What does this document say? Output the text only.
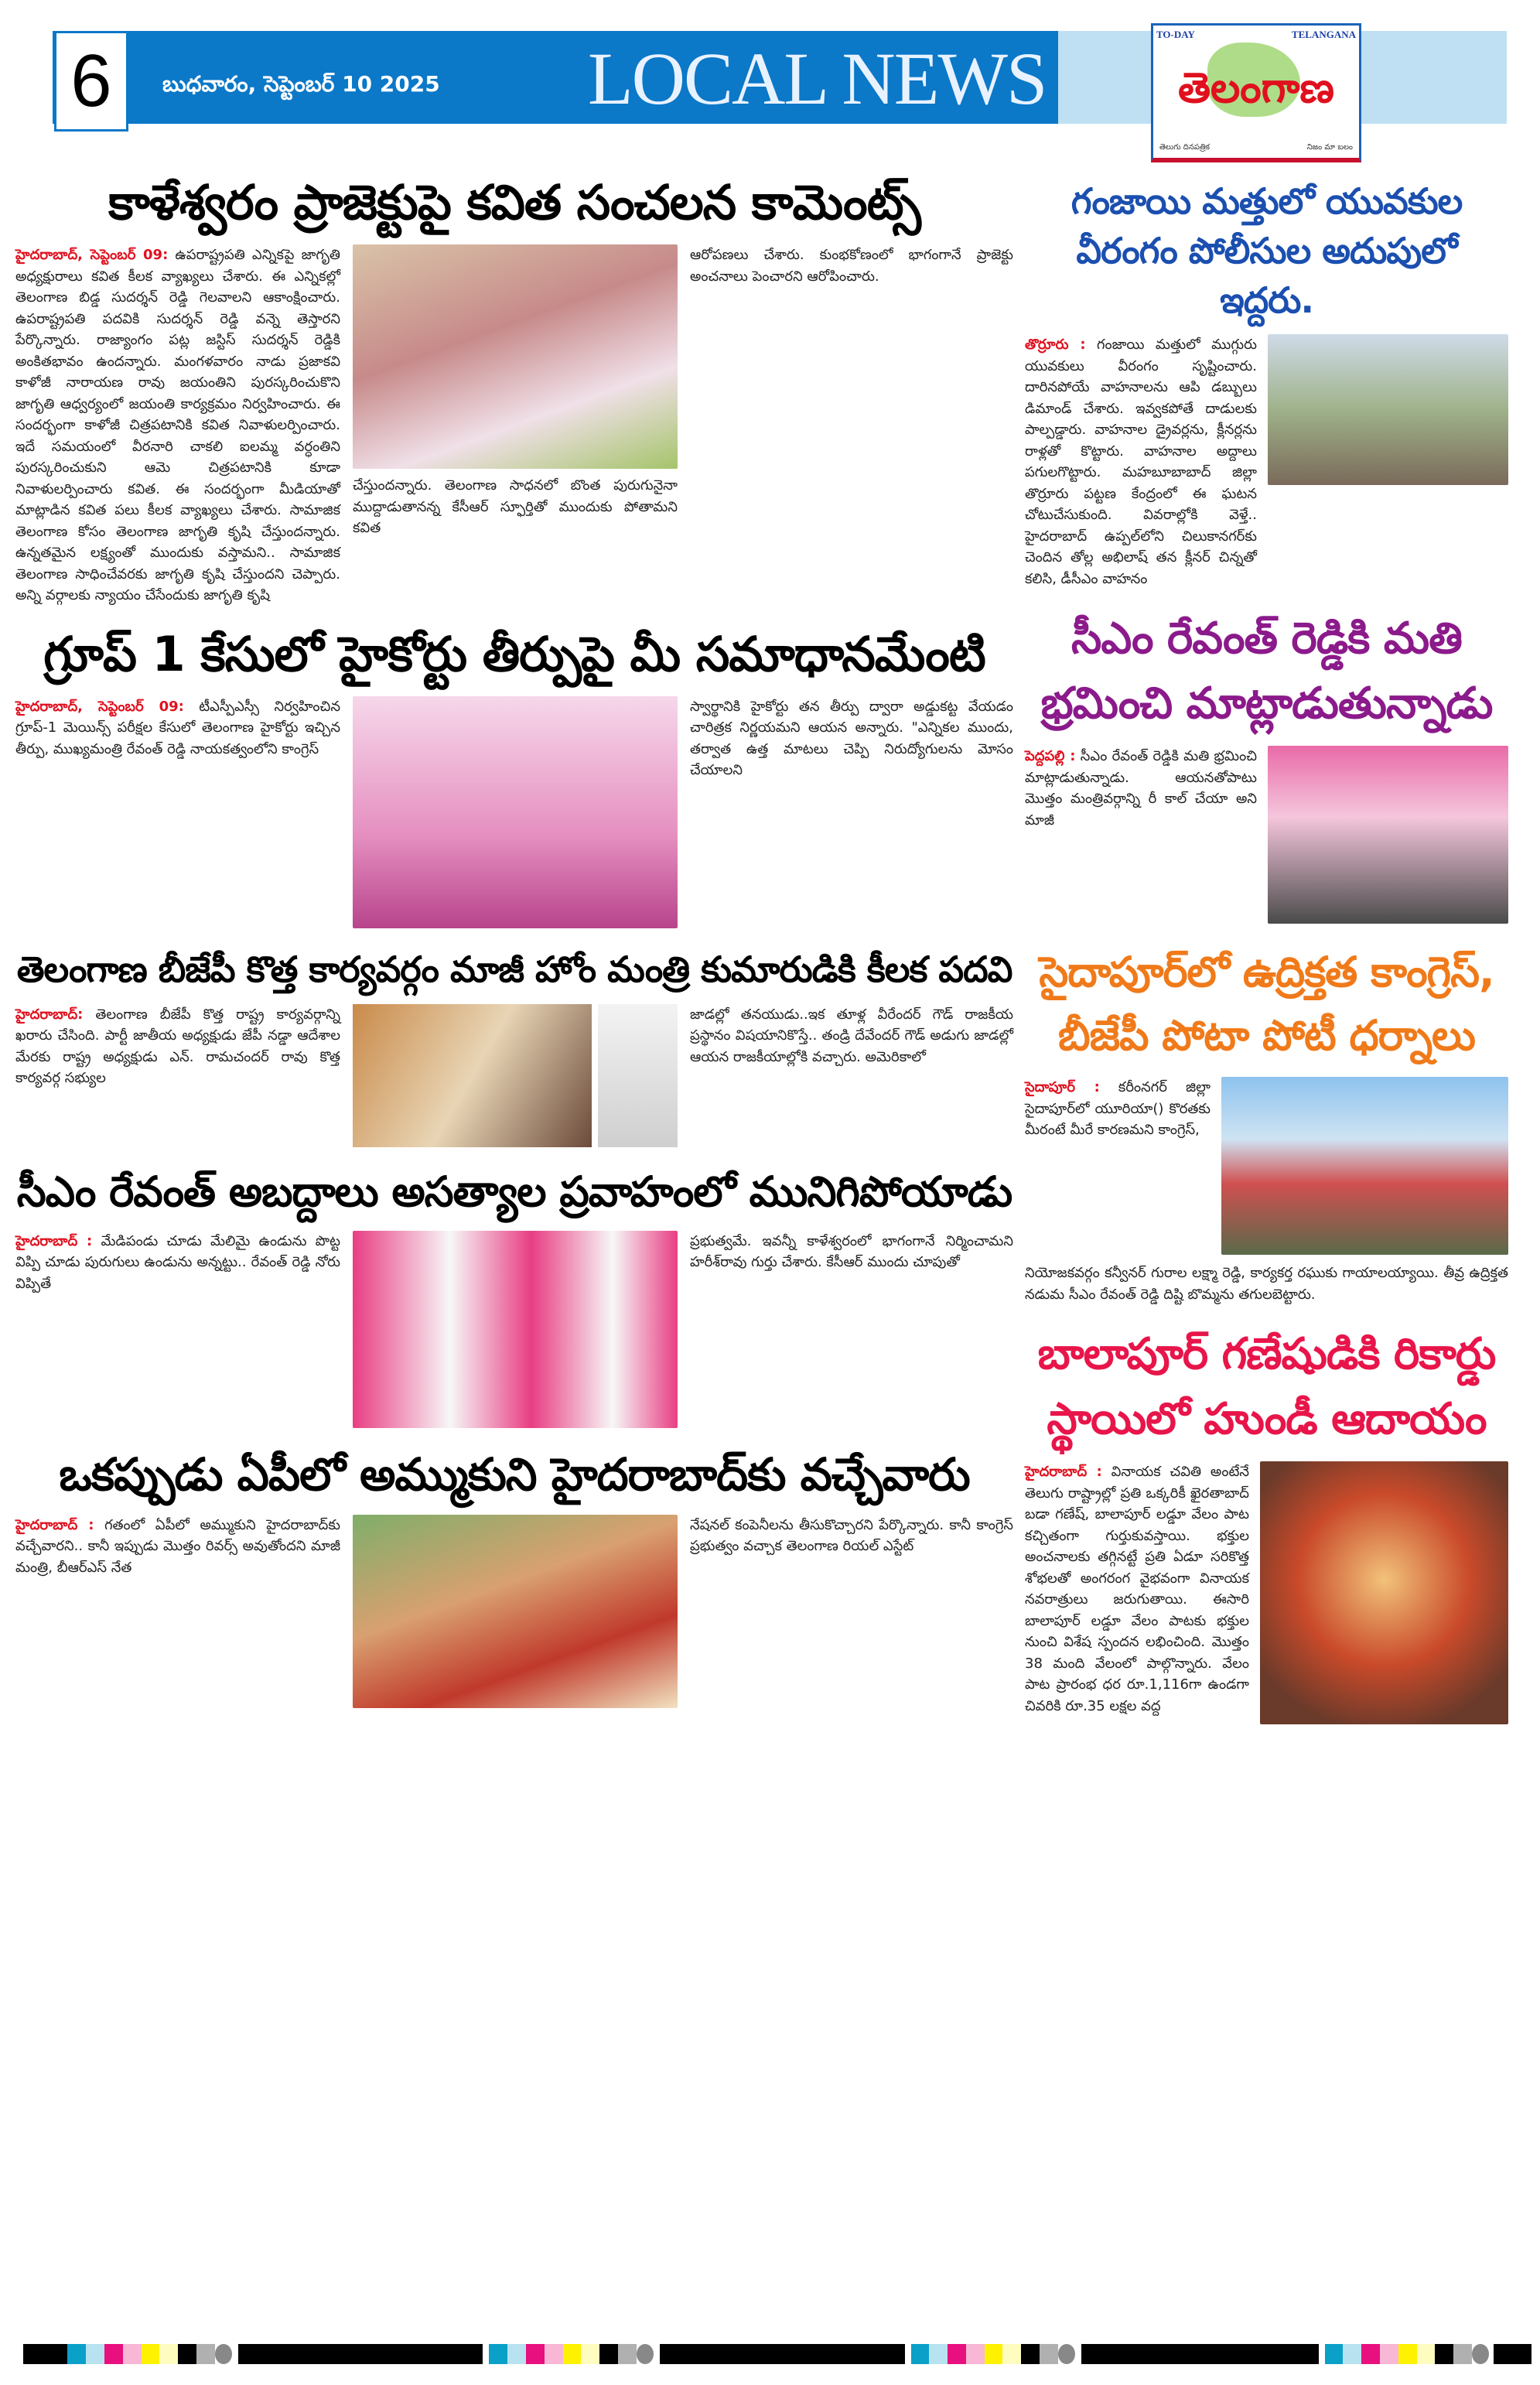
6	బుధవారం, సెప్టెంబర్ 10 2025 LOCAL NEWS
TO-DAY	TELANGANA
తెలంగాణ
తెలుగు దినపత్రిక	నిజం మా బలం
కాళేశ్వరం ప్రాజెక్టుపై కవిత సంచలన కామెంట్స్
హైదరాబాద్, సెప్టెంబర్ 09: ఉపరాష్ట్రపతి ఎన్నికపై జాగృతి అధ్యక్షురాలు కవిత కీలక వ్యాఖ్యలు చేశారు. ఈ ఎన్నికల్లో తెలంగాణ బిడ్డ సుదర్శన్ రెడ్డి గెలవాలని ఆకాంక్షించారు. ఉపరాష్ట్రపతి పదవికి సుదర్శన్ రెడ్డి వన్నె తెస్తారని పేర్కొన్నారు. రాజ్యాంగం పట్ల జస్టిస్ సుదర్శన్ రెడ్డికి అంకితభావం ఉందన్నారు. మంగళవారం నాడు ప్రజాకవి కాళోజీ నారాయణ రావు జయంతిని పురస్కరించుకొని జాగృతి ఆధ్వర్యంలో జయంతి కార్యక్రమం నిర్వహించారు. ఈ సందర్భంగా కాళోజీ చిత్రపటానికి కవిత నివాళులర్పించారు. ఇదే సమయంలో వీరనారి చాకలి ఐలమ్మ వర్ధంతిని పురస్కరించుకుని ఆమె చిత్రపటానికి కూడా నివాళులర్పించారు కవిత. ఈ సందర్భంగా మీడియాతో మాట్లాడిన కవిత పలు కీలక వ్యాఖ్యలు చేశారు. సామాజిక తెలంగాణ కోసం తెలంగాణ జాగృతి కృషి చేస్తుందన్నారు. ఉన్నతమైన లక్ష్యంతో ముందుకు వస్తామని.. సామాజిక తెలంగాణ సాధించేవరకు జాగృతి కృషి చేస్తుందని చెప్పారు. అన్ని వర్గాలకు న్యాయం చేసేందుకు జాగృతి కృషి
చేస్తుందన్నారు. తెలంగాణ సాధనలో బొంత పురుగునైనా ముద్దాడుతానన్న కేసీఆర్ స్ఫూర్తితో ముందుకు పోతామని కవిత
ఆరోపణలు చేశారు. కుంభకోణంలో భాగంగానే ప్రాజెక్టు అంచనాలు పెంచారని ఆరోపించారు.
గ్రూప్ 1 కేసులో హైకోర్టు తీర్పుపై మీ సమాధానమేంటి
హైదరాబాద్, సెప్టెంబర్ 09: టీఎస్పీఎస్సీ నిర్వహించిన గ్రూప్-1 మెయిన్స్ పరీక్షల కేసులో తెలంగాణ హైకోర్టు ఇచ్చిన తీర్పు, ముఖ్యమంత్రి రేవంత్ రెడ్డి నాయకత్వంలోని కాంగ్రెస్
స్వార్థానికి హైకోర్టు తన తీర్పు ద్వారా అడ్డుకట్ట వేయడం చారిత్రక నిర్ణయమని ఆయన అన్నారు. "ఎన్నికల ముందు, తర్వాత ఉత్త మాటలు చెప్పి నిరుద్యోగులను మోసం చేయాలని
తెలంగాణ బీజేపీ కొత్త కార్యవర్గం మాజీ హోం మంత్రి కుమారుడికి కీలక పదవి
హైదరాబాద్: తెలంగాణ బీజేపీ కొత్త రాష్ట్ర కార్యవర్గాన్ని ఖరారు చేసింది. పార్టీ జాతీయ అధ్యక్షుడు జేపీ నడ్డా ఆదేశాల మేరకు రాష్ట్ర అధ్యక్షుడు ఎన్. రామచందర్ రావు కొత్త కార్యవర్గ సభ్యుల
జాడల్లో తనయుడు..ఇక తూళ్ల వీరేందర్ గౌడ్ రాజకీయ ప్రస్థానం విషయానికొస్తే.. తండ్రి దేవేందర్ గౌడ్ అడుగు జాడల్లో ఆయన రాజకీయాల్లోకి వచ్చారు. అమెరికాలో
సీఎం రేవంత్ అబద్దాలు అసత్యాల ప్రవాహంలో మునిగిపోయాడు
హైదరాబాద్ : మేడిపండు చూడు మేలిమై ఉండును పొట్ట విప్పి చూడు పురుగులు ఉండును అన్నట్టు.. రేవంత్ రెడ్డి నోరు విప్పితే
ప్రభుత్వమే. ఇవన్నీ కాళేశ్వరంలో భాగంగానే నిర్మించామని హరీశ్‌రావు గుర్తు చేశారు. కేసీఆర్ ముందు చూపుతో
ఒకప్పుడు ఏపీలో అమ్ముకుని హైదరాబాద్‌కు వచ్చేవారు
హైదరాబాద్ : గతంలో ఏపీలో అమ్ముకుని హైదరాబాద్‌కు వచ్చేవారని.. కానీ ఇప్పుడు మొత్తం రివర్స్ అవుతోందని మాజీ మంత్రి, బీఆర్ఎస్ నేత
నేషనల్ కంపెనీలను తీసుకొచ్చారని పేర్కొన్నారు. కానీ కాంగ్రెస్ ప్రభుత్వం వచ్చాక తెలంగాణ రియల్ ఎస్టేట్
గంజాయి మత్తులో యువకుల వీరంగం పోలీసుల అదుపులో ఇద్దరు.
తొర్రూరు : గంజాయి మత్తులో ముగ్గురు యువకులు వీరంగం సృష్టించారు. దారినపోయే వాహనాలను ఆపి డబ్బులు డిమాండ్ చేశారు. ఇవ్వకపోతే దాడులకు పాల్పడ్డారు. వాహనాల డ్రైవర్లను, క్లీనర్లను రాళ్లతో కొట్టారు. వాహనాల అద్దాలు పగులగొట్టారు. మహబూబాబాద్ జిల్లా తొర్రూరు పట్టణ కేంద్రంలో ఈ ఘటన చోటుచేసుకుంది. వివరాల్లోకి వెళ్తే.. హైదరాబాద్ ఉప్పల్‌లోని చిలుకానగర్‌కు చెందిన తోల్ల అభిలాష్ తన క్లీనర్ చిన్నతో కలిసి, డీసీఎం వాహనం
సీఎం రేవంత్ రెడ్డికి మతి భ్రమించి మాట్లాడుతున్నాడు
పెద్దపల్లి : సీఎం రేవంత్ రెడ్డికి మతి భ్రమించి మాట్లాడుతున్నాడు. ఆయనతోపాటు మొత్తం మంత్రివర్గాన్ని రీ కాల్ చేయా అని మాజీ
సైదాపూర్‌లో ఉద్రిక్తత కాంగ్రెస్, బీజేపీ పోటా పోటీ ధర్నాలు
సైదాపూర్ : కరీంనగర్ జిల్లా సైదాపూర్‌లో యూరియా() కొరతకు మీరంటే మీరే కారణమని కాంగ్రెస్,
నియోజకవర్గం కన్వీనర్ గురాల లక్ష్మా రెడ్డి, కార్యకర్త రఘుకు గాయాలయ్యాయి. తీవ్ర ఉద్రిక్తత నడుమ సీఎం రేవంత్ రెడ్డి దిష్టి బొమ్మను తగులబెట్టారు.
బాలాపూర్ గణేషుడికి రికార్డు స్థాయిలో హుండీ ఆదాయం
హైదరాబాద్ : వినాయక చవితి అంటేనే తెలుగు రాష్ట్రాల్లో ప్రతి ఒక్కరికీ ఖైరతాబాద్ బడా గణేష్, బాలాపూర్ లడ్డూ వేలం పాట కచ్చితంగా గుర్తుకువస్తాయి. భక్తుల అంచనాలకు తగ్గినట్టే ప్రతి ఏడూ సరికొత్త శోభలతో అంగరంగ వైభవంగా వినాయక నవరాత్రులు జరుగుతాయి. ఈసారి బాలాపూర్ లడ్డూ వేలం పాటకు భక్తుల నుంచి విశేష స్పందన లభించింది. మొత్తం 38 మంది వేలంలో పాల్గొన్నారు. వేలం పాట ప్రారంభ ధర రూ.1,116గా ఉండగా చివరికి రూ.35 లక్షల వద్ద
